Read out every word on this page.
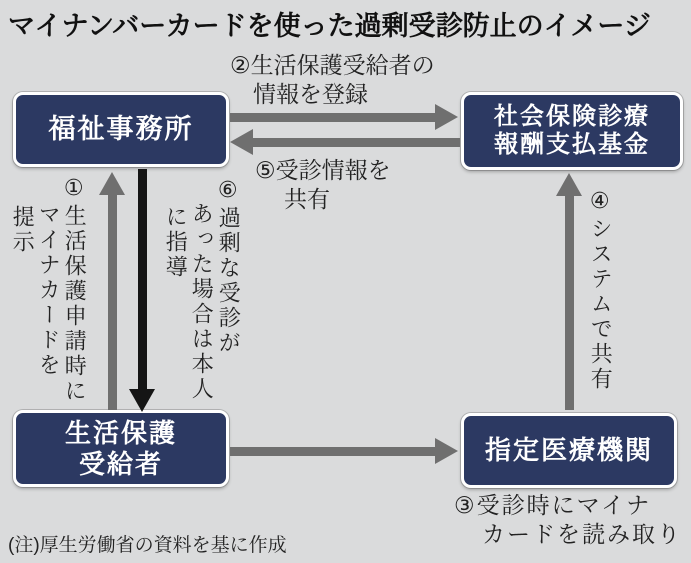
マイナンバーカードを使った過剰受診防止のイメージ
福祉事務所	社会保険診療
報酬支払基金
生活保護
受給者	指定医療機関
②生活保護受給者の
情報を登録
⑤受診情報を
共有
③受診時にマイナ
カードを読み取り
①生活保護申請時に
マイナカードを
提示	⑥過剰な受診が
あった場合は本人
に指導	④システムで共有
(注)厚生労働省の資料を基に作成
